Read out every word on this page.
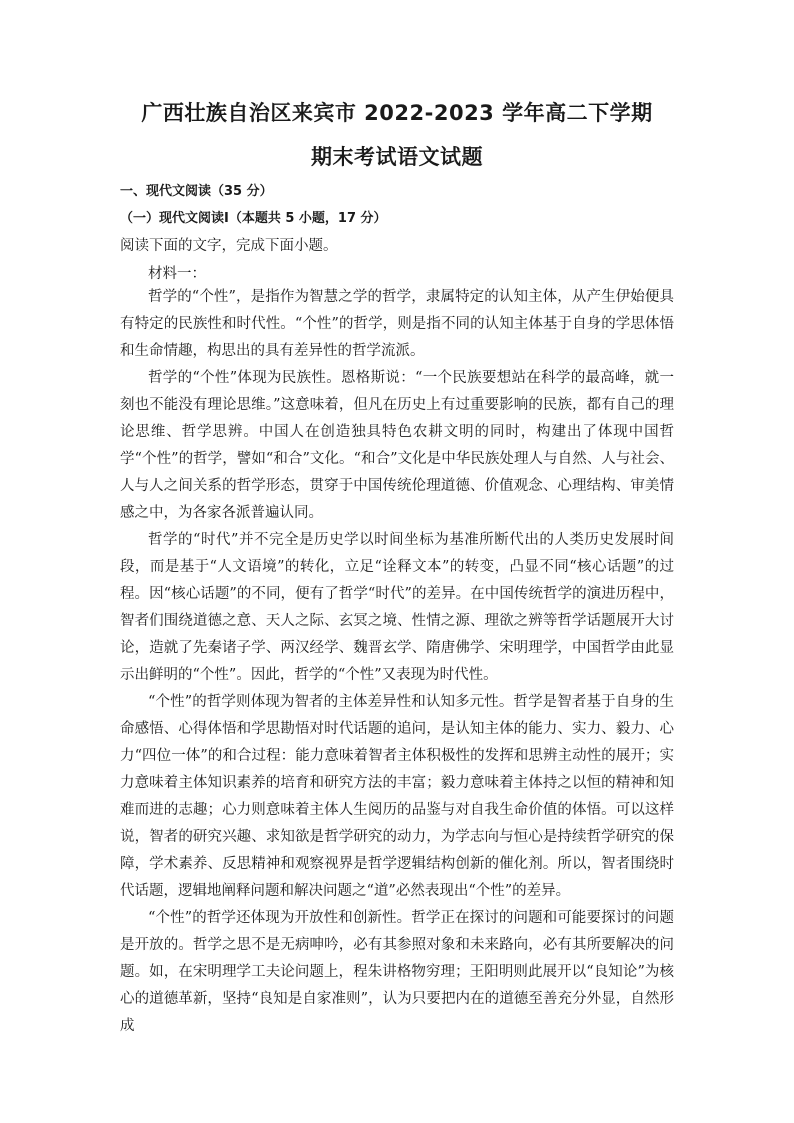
广西壮族自治区来宾市 2022-2023 学年高二下学期
期末考试语文试题
一、现代文阅读（35 分）
（一）现代文阅读Ⅰ（本题共 5 小题，17 分）
阅读下面的文字，完成下面小题。
材料一：

哲学的“个性”，是指作为智慧之学的哲学，隶属特定的认知主体，从产生伊始便具有特定的民族性和时代性。“个性”的哲学，则是指不同的认知主体基于自身的学思体悟和生命情趣，构思出的具有差异性的哲学流派。

哲学的“个性”体现为民族性。恩格斯说：“一个民族要想站在科学的最高峰，就一刻也不能没有理论思维。”这意味着，但凡在历史上有过重要影响的民族，都有自己的理论思维、哲学思辨。中国人在创造独具特色农耕文明的同时，构建出了体现中国哲学“个性”的哲学，譬如“和合”文化。“和合”文化是中华民族处理人与自然、人与社会、人与人之间关系的哲学形态，贯穿于中国传统伦理道德、价值观念、心理结构、审美情感之中，为各家各派普遍认同。

哲学的“时代”并不完全是历史学以时间坐标为基准所断代出的人类历史发展时间段，而是基于“人文语境”的转化，立足“诠释文本”的转变，凸显不同“核心话题”的过程。因“核心话题”的不同，便有了哲学“时代”的差异。在中国传统哲学的演进历程中，智者们围绕道德之意、天人之际、玄冥之境、性情之源、理欲之辨等哲学话题展开大讨论，造就了先秦诸子学、两汉经学、魏晋玄学、隋唐佛学、宋明理学，中国哲学由此显示出鲜明的“个性”。因此，哲学的“个性”又表现为时代性。

“个性”的哲学则体现为智者的主体差异性和认知多元性。哲学是智者基于自身的生命感悟、心得体悟和学思勘悟对时代话题的追问，是认知主体的能力、实力、毅力、心力“四位一体”的和合过程：能力意味着智者主体积极性的发挥和思辨主动性的展开；实力意味着主体知识素养的培育和研究方法的丰富；毅力意味着主体持之以恒的精神和知难而进的志趣；心力则意味着主体人生阅历的品鉴与对自我生命价值的体悟。可以这样说，智者的研究兴趣、求知欲是哲学研究的动力，为学志向与恒心是持续哲学研究的保障，学术素养、反思精神和观察视界是哲学逻辑结构创新的催化剂。所以，智者围绕时代话题，逻辑地阐释问题和解决问题之“道”必然表现出“个性”的差异。

“个性”的哲学还体现为开放性和创新性。哲学正在探讨的问题和可能要探讨的问题是开放的。哲学之思不是无病呻吟，必有其参照对象和未来路向，必有其所要解决的问题。如，在宋明理学工夫论问题上，程朱讲格物穷理；王阳明则此展开以“良知论”为核心的道德革新，坚持“良知是自家准则”，认为只要把内在的道德至善充分外显，自然形成
